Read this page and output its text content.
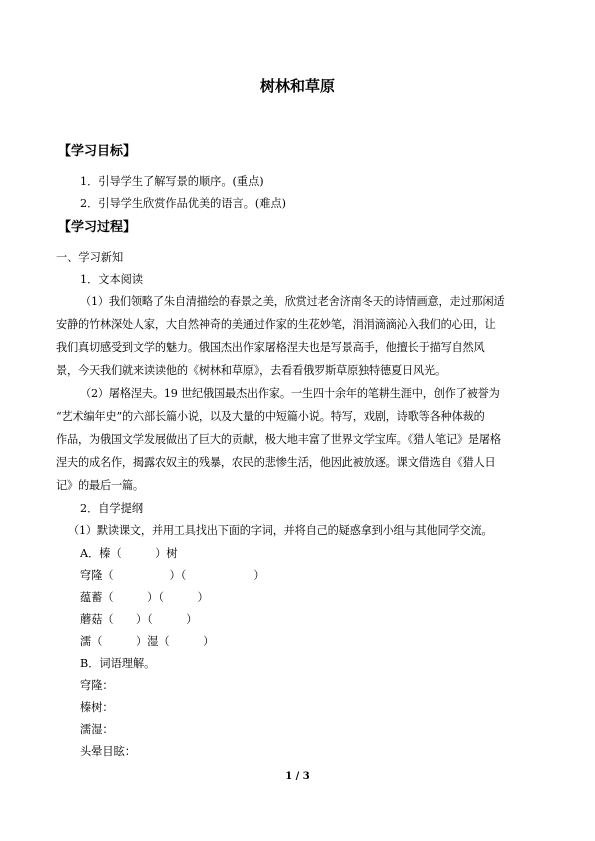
树林和草原
【学习目标】
1．引导学生了解写景的顺序。(重点)
2．引导学生欣赏作品优美的语言。(难点)
【学习过程】
一、学习新知
1．文本阅读
（1）我们领略了朱自清描绘的春景之美，欣赏过老舍济南冬天的诗情画意，走过那闲适
安静的竹林深处人家，大自然神奇的美通过作家的生花妙笔，涓涓滴滴沁入我们的心田，让
我们真切感受到文学的魅力。俄国杰出作家屠格涅夫也是写景高手，他擅长于描写自然风
景，今天我们就来读读他的《树林和草原》，去看看俄罗斯草原独特德夏日风光。
（2）屠格涅夫。19 世纪俄国最杰出作家。一生四十余年的笔耕生涯中，创作了被誉为
“艺术编年史”的六部长篇小说，以及大量的中短篇小说。特写，戏剧，诗歌等各种体裁的
作品，为俄国文学发展做出了巨大的贡献，极大地丰富了世界文学宝库。《猎人笔记》是屠格
涅夫的成名作，揭露农奴主的残暴，农民的悲惨生活，他因此被放逐。课文借选自《猎人日
记》的最后一篇。
2．自学提纲
（1）默读课文，并用工具找出下面的字词，并将自己的疑惑拿到小组与其他同学交流。
A．榛（　　　）树
穹隆（　　　　　）（　　　　　　）
蕴蓄（　　　）（　　　）
蘑菇（　　）（　　　）
濡（　　　）湿（　　　）
B．词语理解。
穹隆：
榛树：
濡湿：
头晕目眩：
1 / 3
